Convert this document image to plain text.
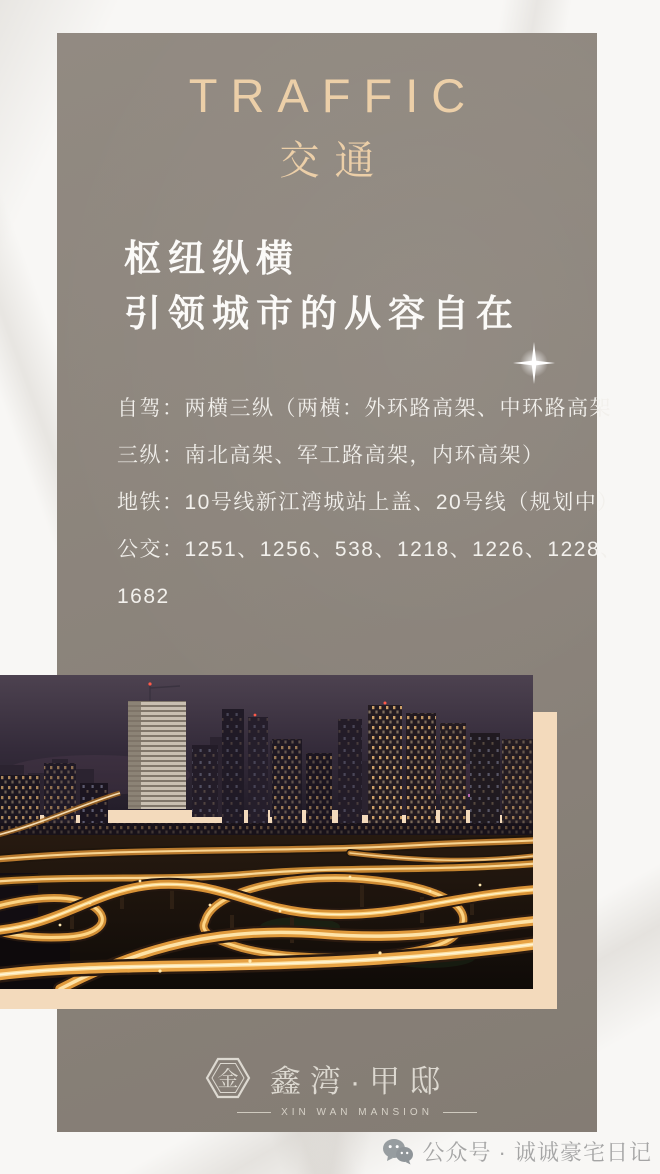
TRAFFIC
交通
枢纽纵横
引领城市的从容自在
自驾：两横三纵（两横：外环路高架、中环路高架
三纵：南北高架、军工路高架，内环高架）
地铁：10号线新江湾城站上盖、20号线（规划中）
公交：1251、1256、538、1218、1226、1228、
1682
金 鑫湾·甲邸
XIN WAN MANSION
公众号 · 诚诚豪宅日记
